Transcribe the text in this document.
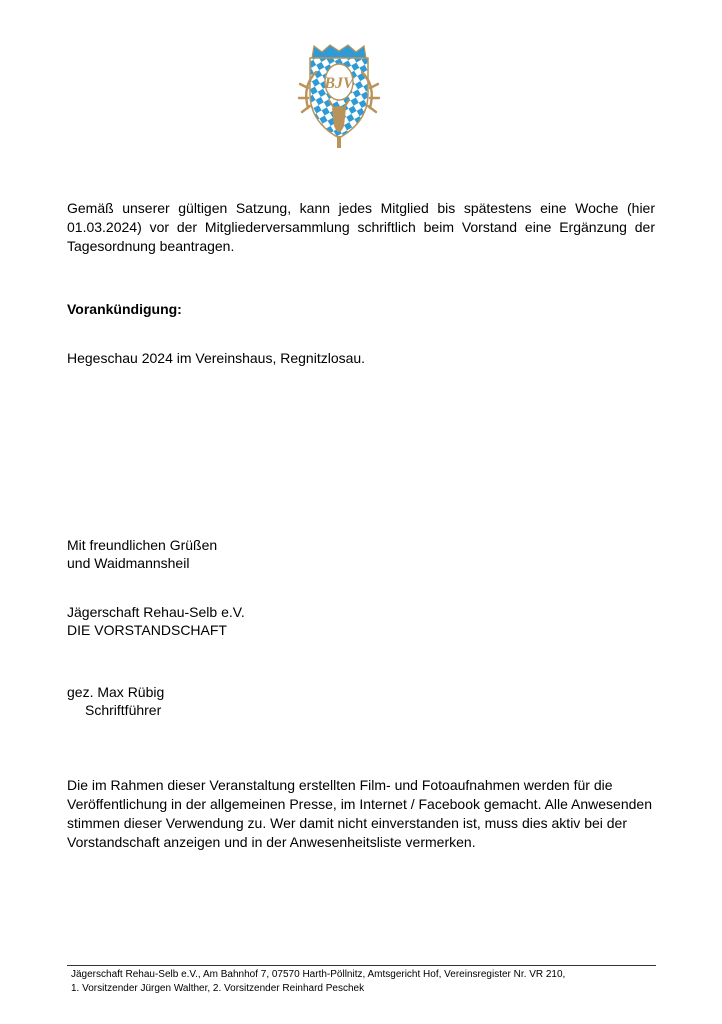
BJV
Gemäß unserer gültigen Satzung, kann jedes Mitglied bis spätestens eine Woche (hier 01.03.2024) vor der Mitgliederversammlung schriftlich beim Vorstand eine Ergänzung der Tagesordnung beantragen.
Vorankündigung:
Hegeschau 2024 im Vereinshaus, Regnitzlosau.
Mit freundlichen Grüßen
und Waidmannsheil
Jägerschaft Rehau-Selb e.V.
DIE VORSTANDSCHAFT
gez. Max Rübig
Schriftführer
Die im Rahmen dieser Veranstaltung erstellten Film- und Fotoaufnahmen werden für die Veröffentlichung in der allgemeinen Presse, im Internet / Facebook gemacht. Alle Anwesenden stimmen dieser Verwendung zu. Wer damit nicht einverstanden ist, muss dies aktiv bei der Vorstandschaft anzeigen und in der Anwesenheitsliste vermerken.
Jägerschaft Rehau-Selb e.V., Am Bahnhof 7, 07570 Harth-Pöllnitz, Amtsgericht Hof, Vereinsregister Nr. VR 210,
1. Vorsitzender Jürgen Walther, 2. Vorsitzender Reinhard Peschek
